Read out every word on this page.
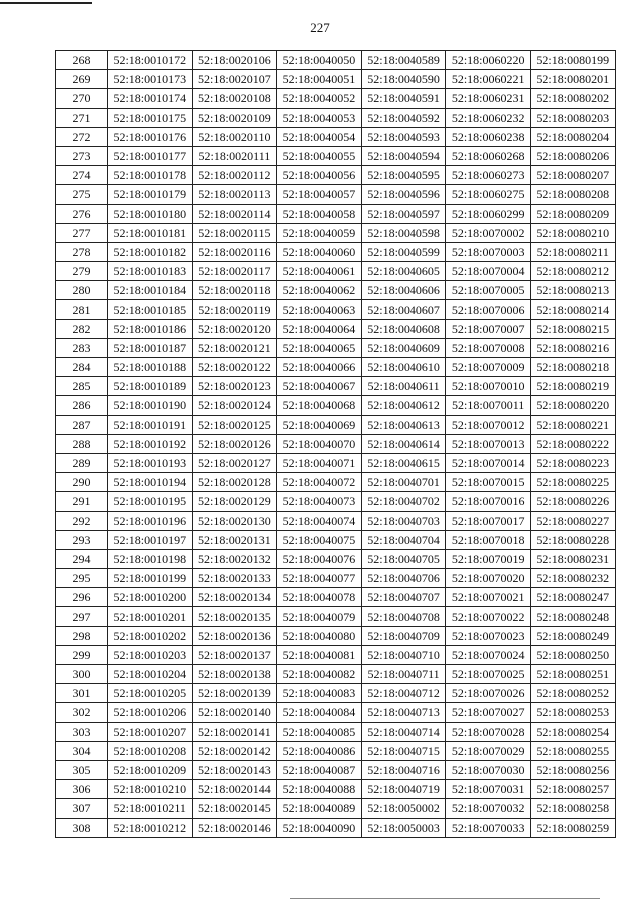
227
268	52:18:0010172	52:18:0020106	52:18:0040050	52:18:0040589	52:18:0060220	52:18:0080199
269	52:18:0010173	52:18:0020107	52:18:0040051	52:18:0040590	52:18:0060221	52:18:0080201
270	52:18:0010174	52:18:0020108	52:18:0040052	52:18:0040591	52:18:0060231	52:18:0080202
271	52:18:0010175	52:18:0020109	52:18:0040053	52:18:0040592	52:18:0060232	52:18:0080203
272	52:18:0010176	52:18:0020110	52:18:0040054	52:18:0040593	52:18:0060238	52:18:0080204
273	52:18:0010177	52:18:0020111	52:18:0040055	52:18:0040594	52:18:0060268	52:18:0080206
274	52:18:0010178	52:18:0020112	52:18:0040056	52:18:0040595	52:18:0060273	52:18:0080207
275	52:18:0010179	52:18:0020113	52:18:0040057	52:18:0040596	52:18:0060275	52:18:0080208
276	52:18:0010180	52:18:0020114	52:18:0040058	52:18:0040597	52:18:0060299	52:18:0080209
277	52:18:0010181	52:18:0020115	52:18:0040059	52:18:0040598	52:18:0070002	52:18:0080210
278	52:18:0010182	52:18:0020116	52:18:0040060	52:18:0040599	52:18:0070003	52:18:0080211
279	52:18:0010183	52:18:0020117	52:18:0040061	52:18:0040605	52:18:0070004	52:18:0080212
280	52:18:0010184	52:18:0020118	52:18:0040062	52:18:0040606	52:18:0070005	52:18:0080213
281	52:18:0010185	52:18:0020119	52:18:0040063	52:18:0040607	52:18:0070006	52:18:0080214
282	52:18:0010186	52:18:0020120	52:18:0040064	52:18:0040608	52:18:0070007	52:18:0080215
283	52:18:0010187	52:18:0020121	52:18:0040065	52:18:0040609	52:18:0070008	52:18:0080216
284	52:18:0010188	52:18:0020122	52:18:0040066	52:18:0040610	52:18:0070009	52:18:0080218
285	52:18:0010189	52:18:0020123	52:18:0040067	52:18:0040611	52:18:0070010	52:18:0080219
286	52:18:0010190	52:18:0020124	52:18:0040068	52:18:0040612	52:18:0070011	52:18:0080220
287	52:18:0010191	52:18:0020125	52:18:0040069	52:18:0040613	52:18:0070012	52:18:0080221
288	52:18:0010192	52:18:0020126	52:18:0040070	52:18:0040614	52:18:0070013	52:18:0080222
289	52:18:0010193	52:18:0020127	52:18:0040071	52:18:0040615	52:18:0070014	52:18:0080223
290	52:18:0010194	52:18:0020128	52:18:0040072	52:18:0040701	52:18:0070015	52:18:0080225
291	52:18:0010195	52:18:0020129	52:18:0040073	52:18:0040702	52:18:0070016	52:18:0080226
292	52:18:0010196	52:18:0020130	52:18:0040074	52:18:0040703	52:18:0070017	52:18:0080227
293	52:18:0010197	52:18:0020131	52:18:0040075	52:18:0040704	52:18:0070018	52:18:0080228
294	52:18:0010198	52:18:0020132	52:18:0040076	52:18:0040705	52:18:0070019	52:18:0080231
295	52:18:0010199	52:18:0020133	52:18:0040077	52:18:0040706	52:18:0070020	52:18:0080232
296	52:18:0010200	52:18:0020134	52:18:0040078	52:18:0040707	52:18:0070021	52:18:0080247
297	52:18:0010201	52:18:0020135	52:18:0040079	52:18:0040708	52:18:0070022	52:18:0080248
298	52:18:0010202	52:18:0020136	52:18:0040080	52:18:0040709	52:18:0070023	52:18:0080249
299	52:18:0010203	52:18:0020137	52:18:0040081	52:18:0040710	52:18:0070024	52:18:0080250
300	52:18:0010204	52:18:0020138	52:18:0040082	52:18:0040711	52:18:0070025	52:18:0080251
301	52:18:0010205	52:18:0020139	52:18:0040083	52:18:0040712	52:18:0070026	52:18:0080252
302	52:18:0010206	52:18:0020140	52:18:0040084	52:18:0040713	52:18:0070027	52:18:0080253
303	52:18:0010207	52:18:0020141	52:18:0040085	52:18:0040714	52:18:0070028	52:18:0080254
304	52:18:0010208	52:18:0020142	52:18:0040086	52:18:0040715	52:18:0070029	52:18:0080255
305	52:18:0010209	52:18:0020143	52:18:0040087	52:18:0040716	52:18:0070030	52:18:0080256
306	52:18:0010210	52:18:0020144	52:18:0040088	52:18:0040719	52:18:0070031	52:18:0080257
307	52:18:0010211	52:18:0020145	52:18:0040089	52:18:0050002	52:18:0070032	52:18:0080258
308	52:18:0010212	52:18:0020146	52:18:0040090	52:18:0050003	52:18:0070033	52:18:0080259
